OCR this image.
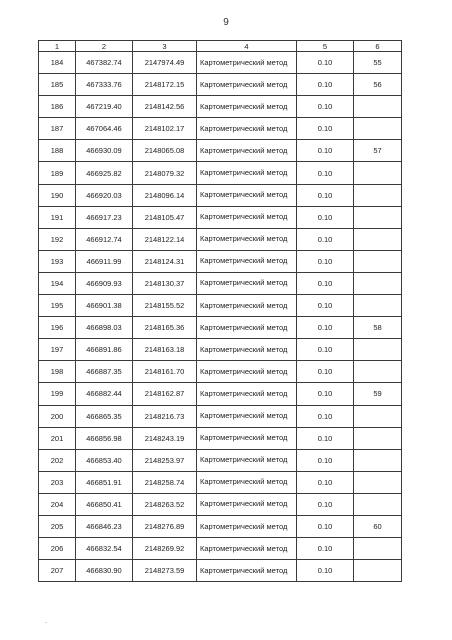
9
1	2	3	4	5	6
184	467382.74	2147974.49	Картометрический метод	0.10	55
185	467333.76	2148172.15	Картометрический метод	0.10	56
186	467219.40	2148142.56	Картометрический метод	0.10	
187	467064.46	2148102.17	Картометрический метод	0.10	
188	466930.09	2148065.08	Картометрический метод	0.10	57
189	466925.82	2148079.32	Картометрический метод	0.10	
190	466920.03	2148096.14	Картометрический метод	0.10	
191	466917.23	2148105.47	Картометрический метод	0.10	
192	466912.74	2148122.14	Картометрический метод	0.10	
193	466911.99	2148124.31	Картометрический метод	0.10	
194	466909.93	2148130.37	Картометрический метод	0.10	
195	466901.38	2148155.52	Картометрический метод	0.10	
196	466898.03	2148165.36	Картометрический метод	0.10	58
197	466891.86	2148163.18	Картометрический метод	0.10	
198	466887.35	2148161.70	Картометрический метод	0.10	
199	466882.44	2148162.87	Картометрический метод	0.10	59
200	466865.35	2148216.73	Картометрический метод	0.10	
201	466856.98	2148243.19	Картометрический метод	0.10	
202	466853.40	2148253.97	Картометрический метод	0.10	
203	466851.91	2148258.74	Картометрический метод	0.10	
204	466850.41	2148263.52	Картометрический метод	0.10	
205	466846.23	2148276.89	Картометрический метод	0.10	60
206	466832.54	2148269.92	Картометрический метод	0.10	
207	466830.90	2148273.59	Картометрический метод	0.10	
.
